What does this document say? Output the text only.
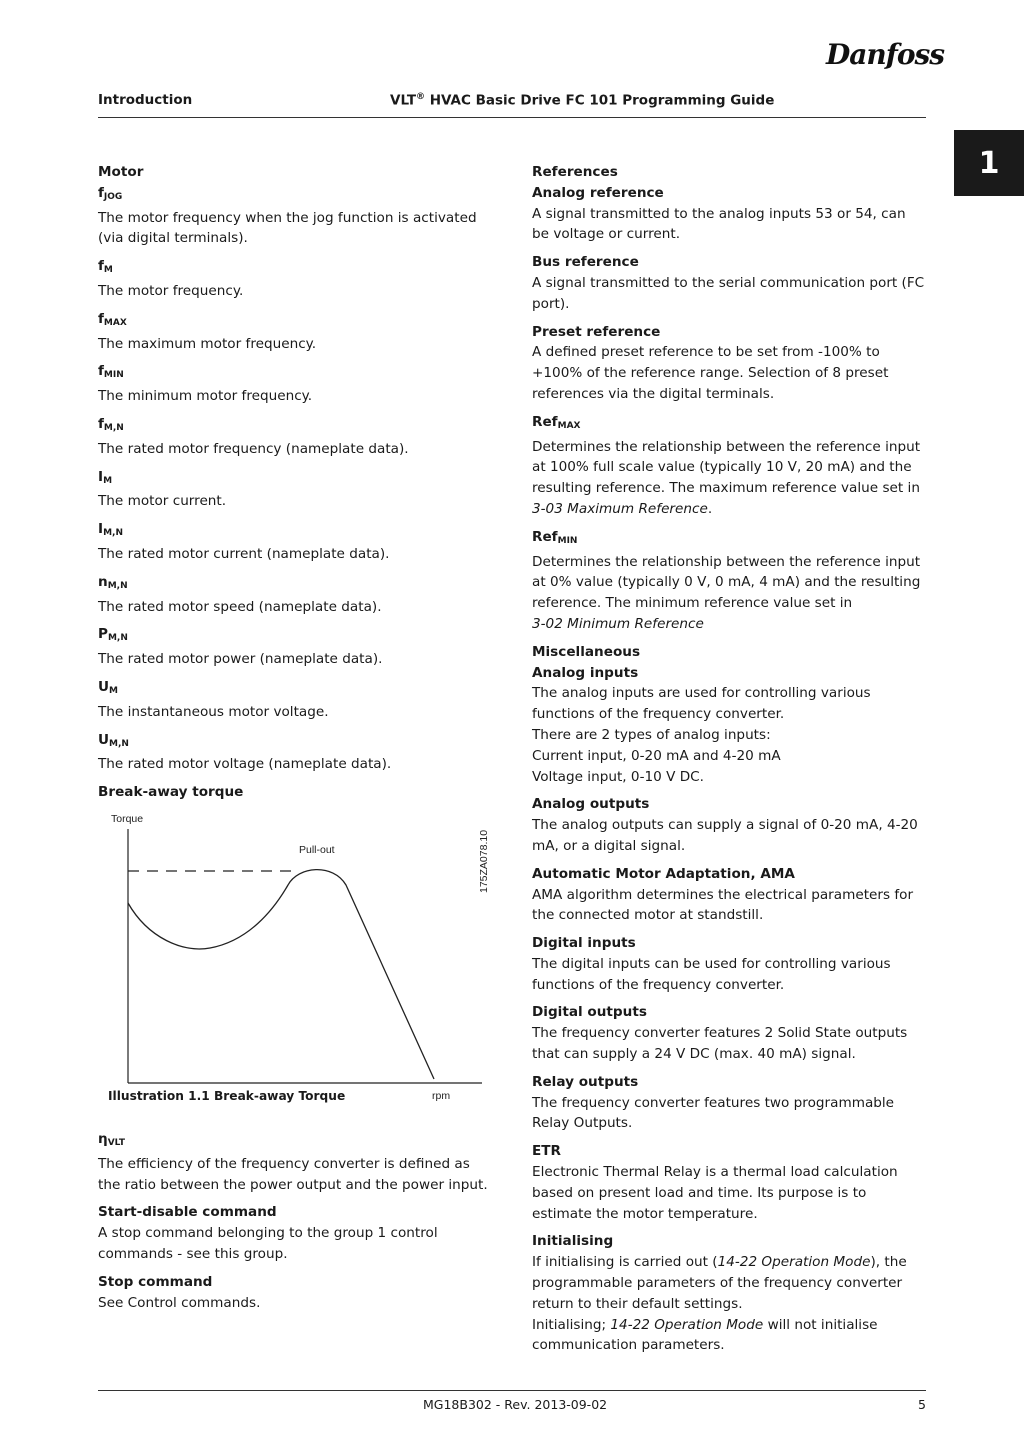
Danfoss
Introduction	VLT® HVAC Basic Drive FC 101 Programming Guide
1
Motor
$f_{JOG}$
The motor frequency when the jog function is activated (via digital terminals).
$f_M$
The motor frequency.
$f_{MAX}$
The maximum motor frequency.
$f_{MIN}$
The minimum motor frequency.
$f_{M,N}$
The rated motor frequency (nameplate data).
$I_M$
The motor current.
$I_{M,N}$
The rated motor current (nameplate data).
$n_{M,N}$
The rated motor speed (nameplate data).
$P_{M,N}$
The rated motor power (nameplate data).
$U_M$
The instantaneous motor voltage.
$U_{M,N}$
The rated motor voltage (nameplate data).
Break-away torque
Torque
Pull-out
rpm
175ZA078.10
Illustration 1.1 Break-away Torque
$\eta_{VLT}$
The efficiency of the frequency converter is defined as the ratio between the power output and the power input.
Start-disable command
A stop command belonging to the group 1 control commands - see this group.
Stop command
See Control commands.
References
Analog reference
A signal transmitted to the analog inputs 53 or 54, can be voltage or current.
Bus reference
A signal transmitted to the serial communication port (FC port).
Preset reference
A defined preset reference to be set from -100% to +100% of the reference range. Selection of 8 preset references via the digital terminals.
Ref$_{MAX}$
Determines the relationship between the reference input at 100% full scale value (typically 10 V, 20 mA) and the resulting reference. The maximum reference value set in 3-03 Maximum Reference.
Ref$_{MIN}$
Determines the relationship between the reference input at 0% value (typically 0 V, 0 mA, 4 mA) and the resulting reference. The minimum reference value set in
3-02 Minimum Reference
Miscellaneous
Analog inputs
The analog inputs are used for controlling various functions of the frequency converter.
There are 2 types of analog inputs:
Current input, 0-20 mA and 4-20 mA
Voltage input, 0-10 V DC.
Analog outputs
The analog outputs can supply a signal of 0-20 mA, 4-20 mA, or a digital signal.
Automatic Motor Adaptation, AMA
AMA algorithm determines the electrical parameters for the connected motor at standstill.
Digital inputs
The digital inputs can be used for controlling various functions of the frequency converter.
Digital outputs
The frequency converter features 2 Solid State outputs that can supply a 24 V DC (max. 40 mA) signal.
Relay outputs
The frequency converter features two programmable Relay Outputs.
ETR
Electronic Thermal Relay is a thermal load calculation based on present load and time. Its purpose is to estimate the motor temperature.
Initialising
If initialising is carried out (14-22 Operation Mode), the programmable parameters of the frequency converter return to their default settings.
Initialising; 14-22 Operation Mode will not initialise communication parameters.
MG18B302 - Rev. 2013-09-02	5
